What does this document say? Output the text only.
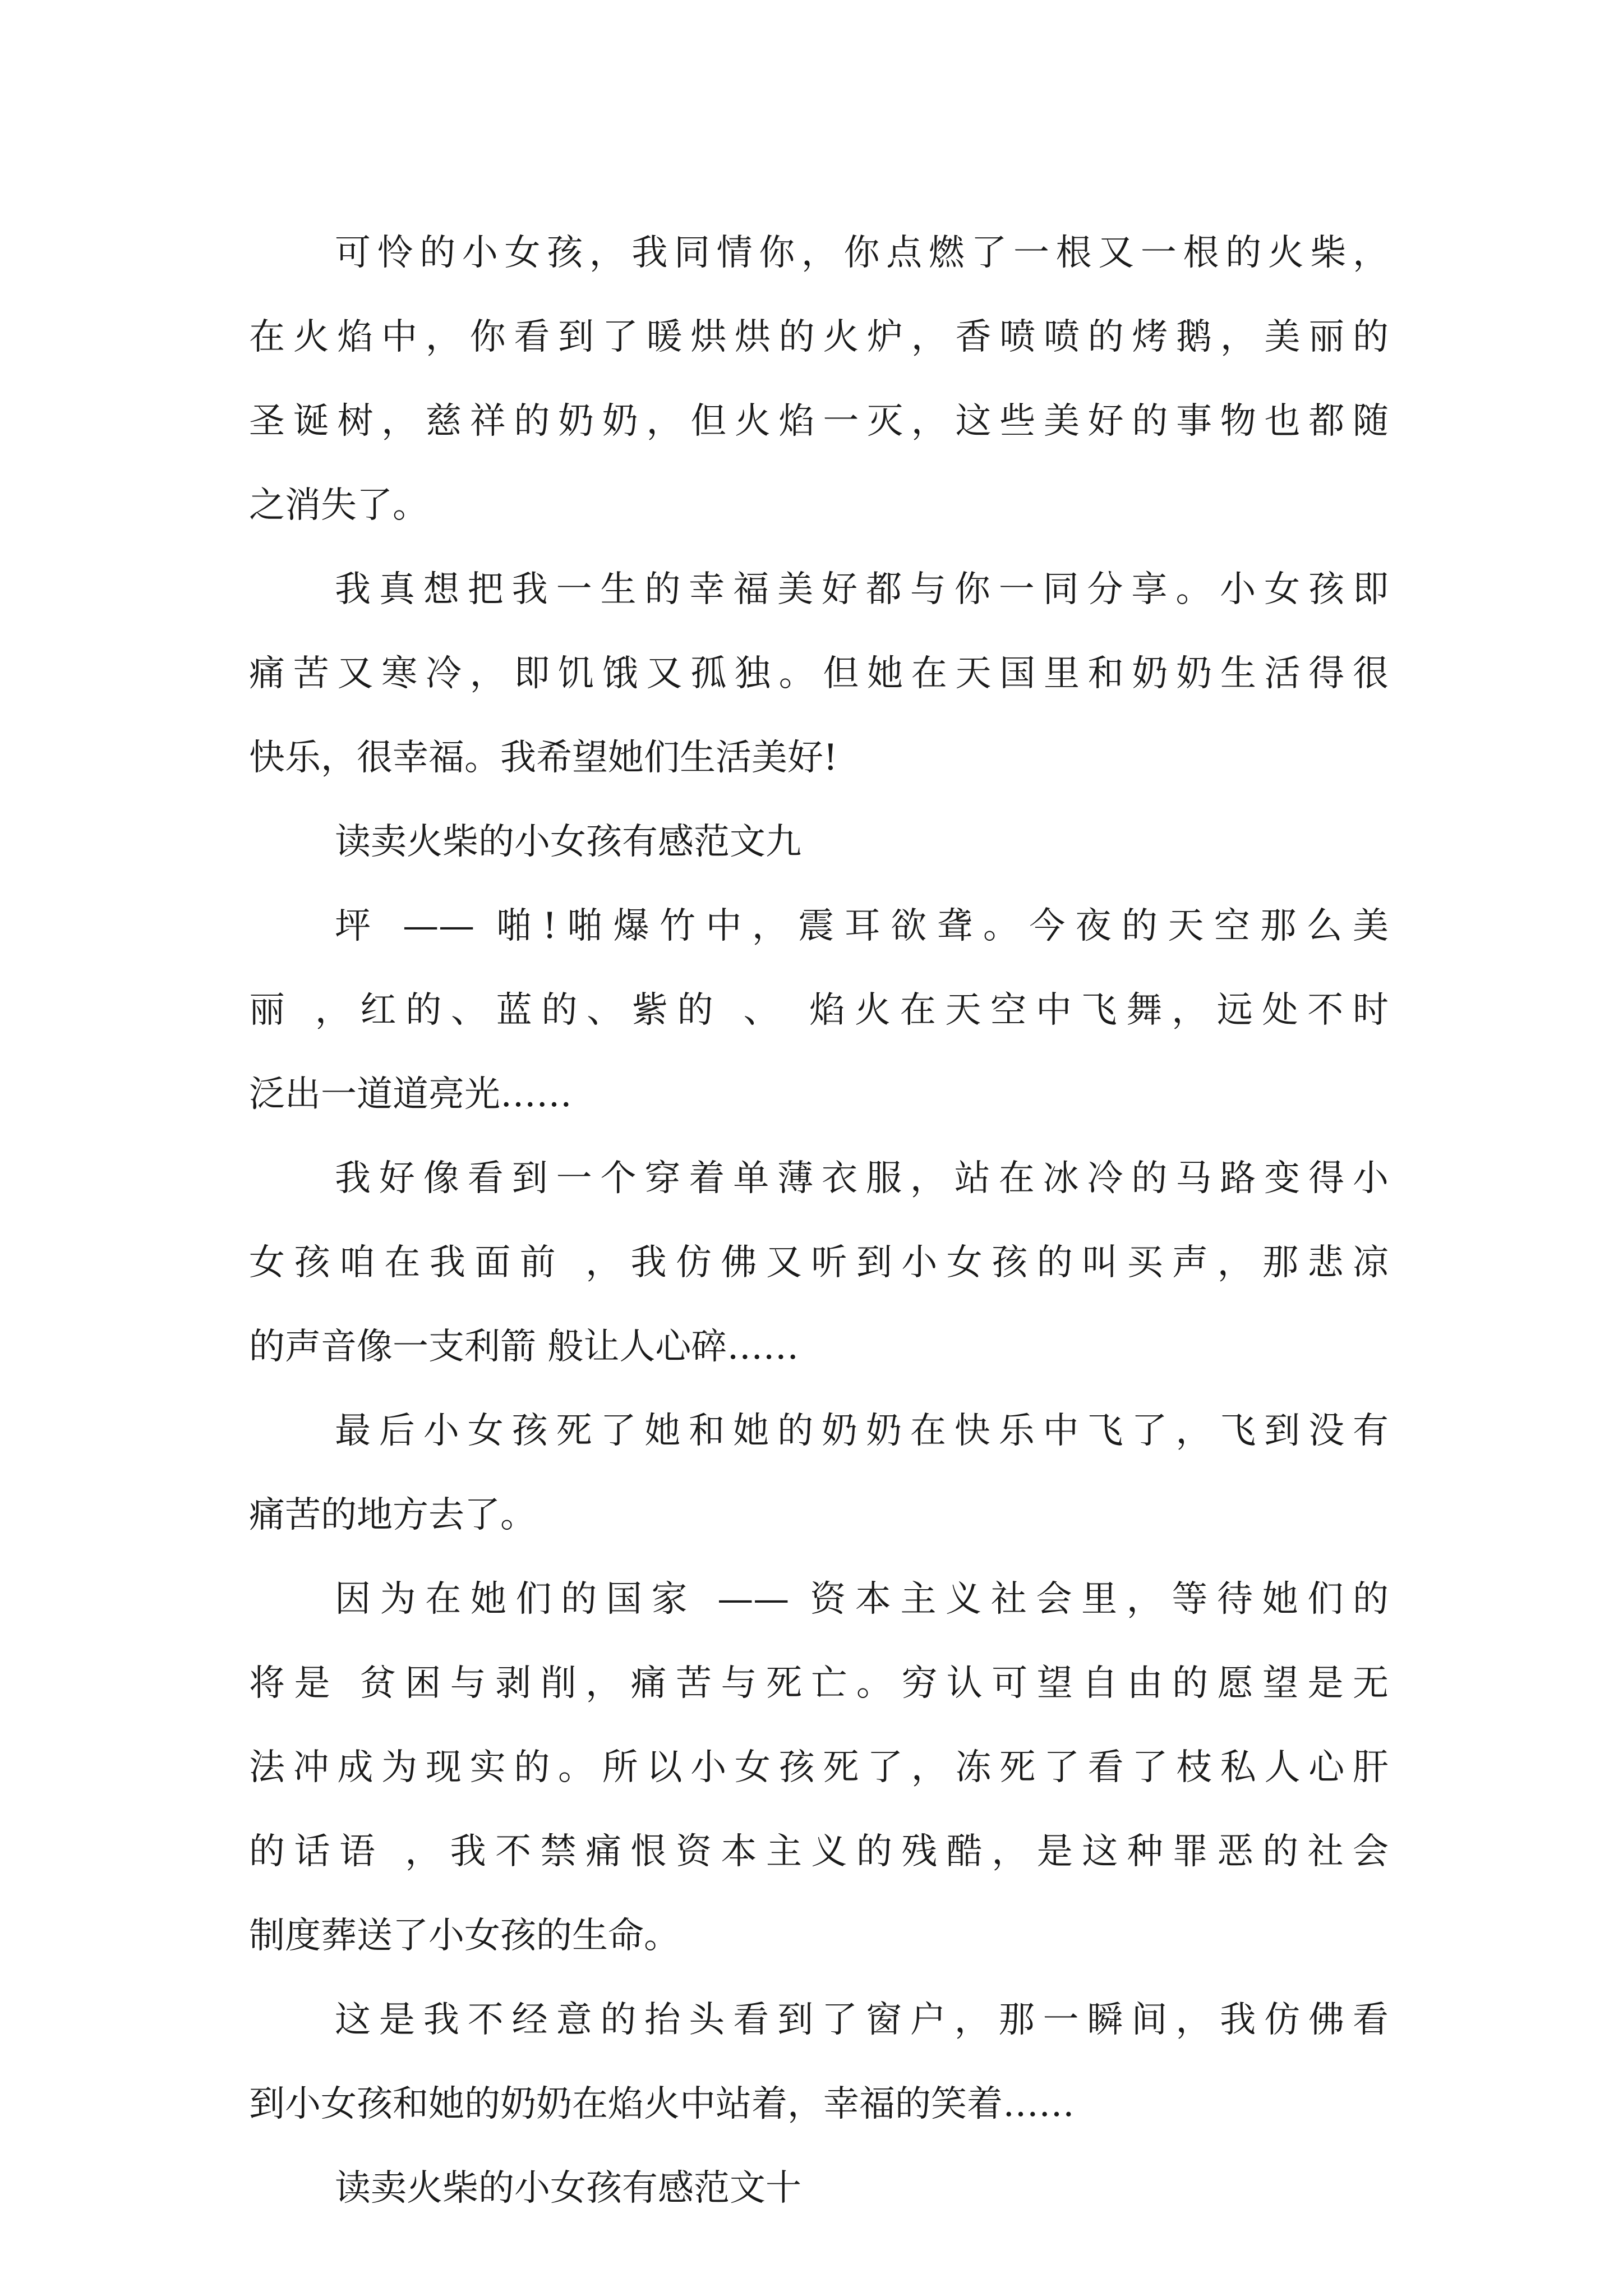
可怜的小女孩，我同情你，你点燃了一根又一根的火柴，
在火焰中，你看到了暖烘烘的火炉，香喷喷的烤鹅，美丽的
圣诞树，慈祥的奶奶，但火焰一灭，这些美好的事物也都随
之消失了。
我真想把我一生的幸福美好都与你一同分享。小女孩即
痛苦又寒冷，即饥饿又孤独。但她在天国里和奶奶生活得很
快乐，很幸福。我希望她们生活美好!
读卖火柴的小女孩有感范文九
坪 —— 啪!啪爆竹中，震耳欲聋。今夜的天空那么美
丽 ，红的、蓝的、紫的 、 焰火在天空中飞舞，远处不时
泛出一道道亮光……
我好像看到一个穿着单薄衣服，站在冰冷的马路变得小
女孩咱在我面前 ，我仿佛又听到小女孩的叫买声，那悲凉
的声音像一支利箭 般让人心碎……
最后小女孩死了她和她的奶奶在快乐中飞了，飞到没有
痛苦的地方去了。
因为在她们的国家 —— 资本主义社会里，等待她们的
将是 贫困与剥削，痛苦与死亡。穷认可望自由的愿望是无
法冲成为现实的。所以小女孩死了，冻死了看了枝私人心肝
的话语 ，我不禁痛恨资本主义的残酷，是这种罪恶的社会
制度葬送了小女孩的生命。
这是我不经意的抬头看到了窗户，那一瞬间，我仿佛看
到小女孩和她的奶奶在焰火中站着，幸福的笑着……
读卖火柴的小女孩有感范文十
